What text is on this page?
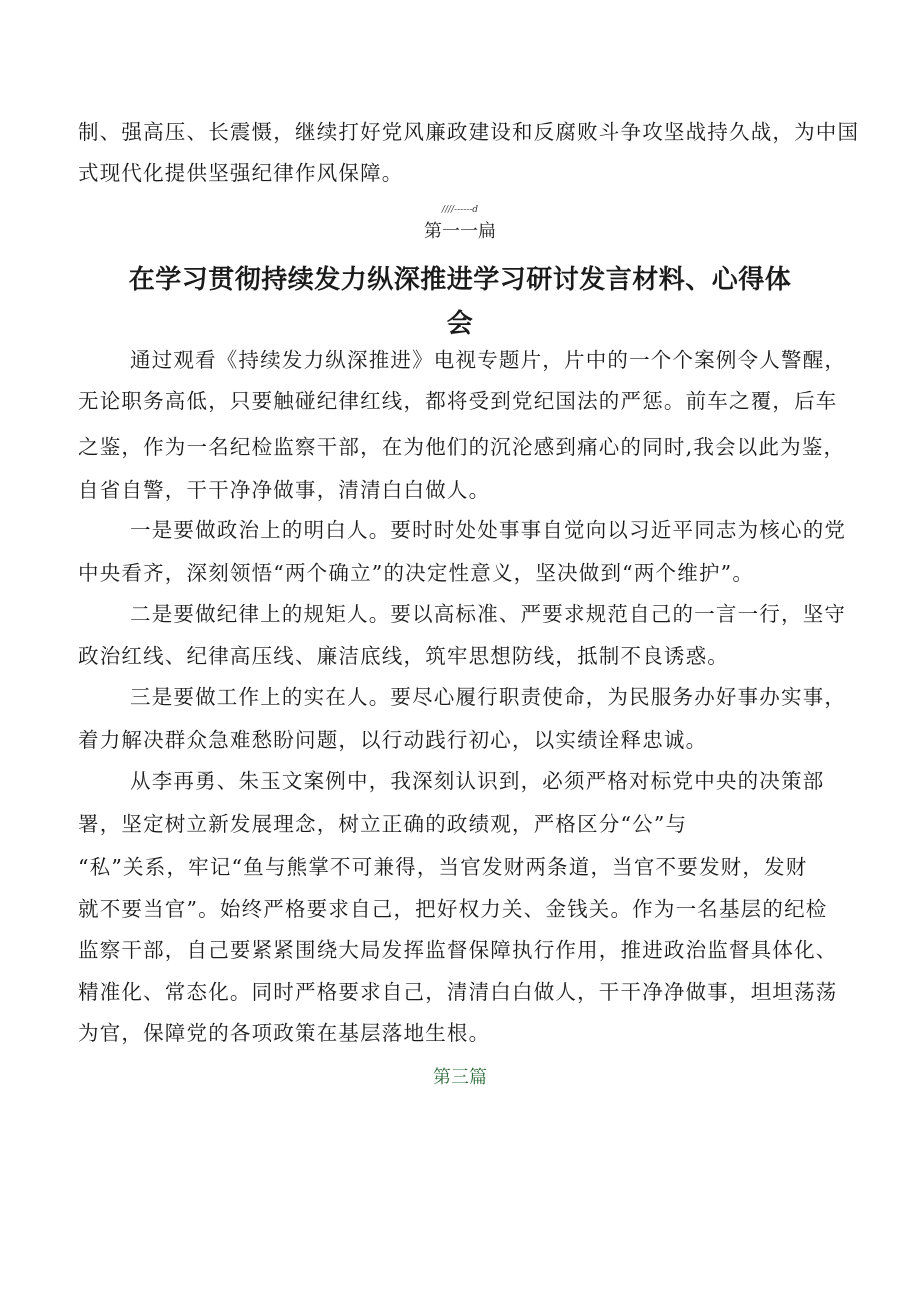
制、强高压、长震慑，继续打好党风廉政建设和反腐败斗争攻坚战持久战，为中国
式现代化提供坚强纪律作风保障。
////------d
第一一扁
在学习贯彻持续发力纵深推进学习研讨发言材料、心得体
会
通过观看《持续发力纵深推进》电视专题片，片中的一个个案例令人警醒，
无论职务高低，只要触碰纪律红线，都将受到党纪国法的严惩。前车之覆，后车
之鉴，作为一名纪检监察干部，在为他们的沉沦感到痛心的同时,我会以此为鉴，
自省自警，干干净净做事，清清白白做人。
一是要做政治上的明白人。要时时处处事事自觉向以习近平同志为核心的党
中央看齐，深刻领悟“两个确立”的决定性意义，坚决做到“两个维护”。
二是要做纪律上的规矩人。要以高标准、严要求规范自己的一言一行，坚守
政治红线、纪律高压线、廉洁底线，筑牢思想防线，抵制不良诱惑。
三是要做工作上的实在人。要尽心履行职责使命，为民服务办好事办实事，
着力解决群众急难愁盼问题，以行动践行初心，以实绩诠释忠诚。
从李再勇、朱玉文案例中，我深刻认识到，必须严格对标党中央的决策部
署，坚定树立新发展理念，树立正确的政绩观，严格区分“公”与
“私”关系，牢记“鱼与熊掌不可兼得，当官发财两条道，当官不要发财，发财
就不要当官”。始终严格要求自己，把好权力关、金钱关。作为一名基层的纪检
监察干部，自己要紧紧围绕大局发挥监督保障执行作用，推进政治监督具体化、
精准化、常态化。同时严格要求自己，清清白白做人，干干净净做事，坦坦荡荡
为官，保障党的各项政策在基层落地生根。
第三篇
